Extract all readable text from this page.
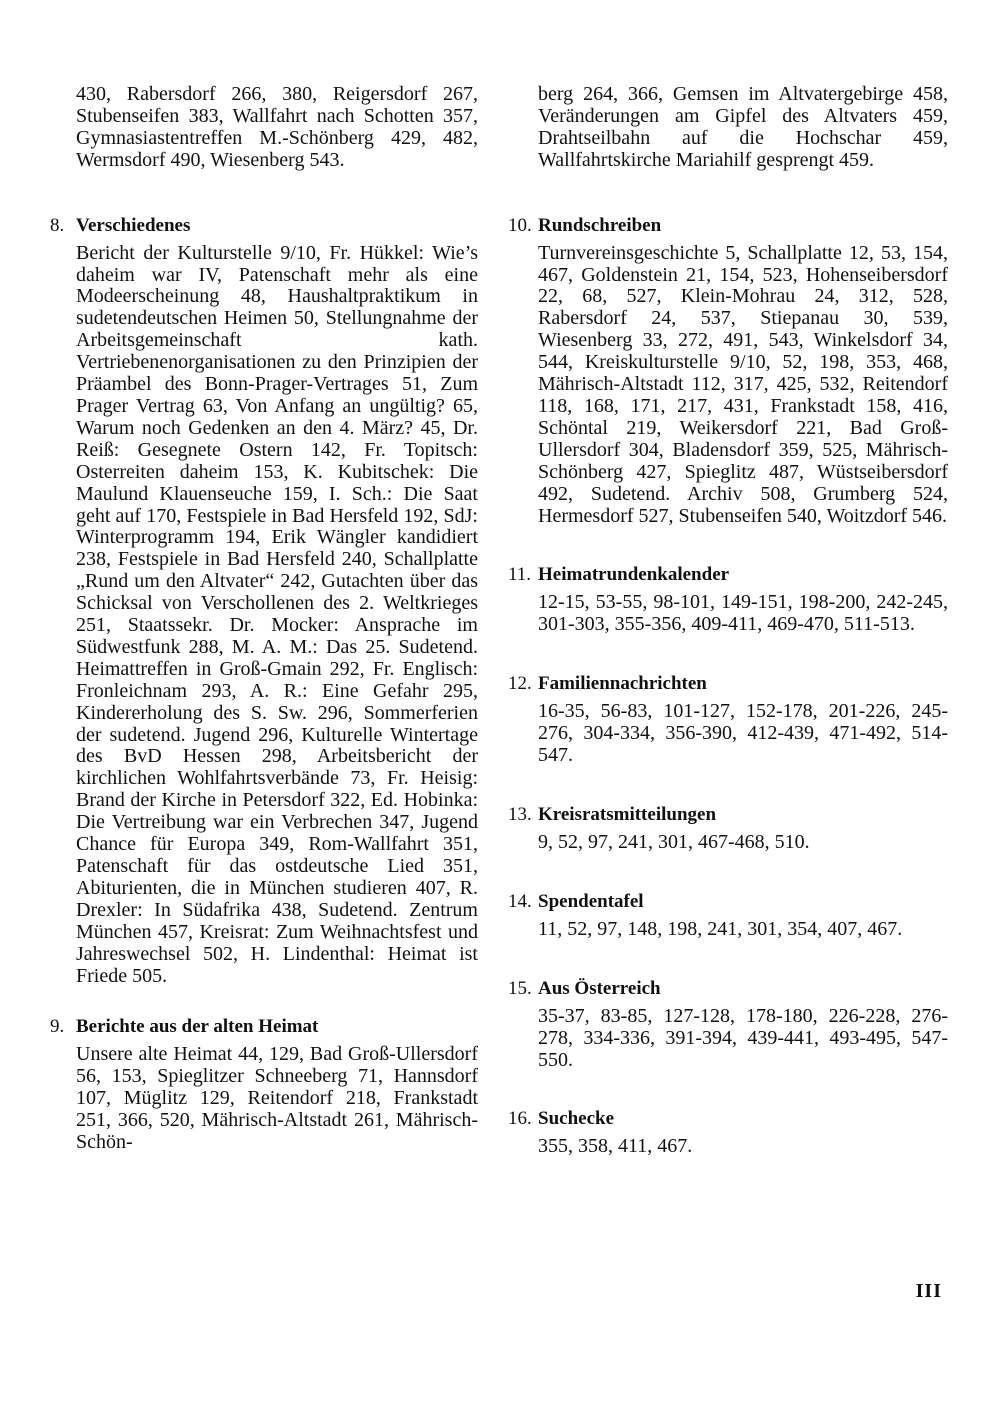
430, Rabersdorf 266, 380, Reigersdorf 267, Stubenseifen 383, Wallfahrt nach Schotten 357, Gymnasiastentreffen M.-Schönberg 429, 482, Wermsdorf 490, Wiesenberg 543.

8. Verschiedenes

Bericht der Kulturstelle 9/10, Fr. Hükkel: Wie’s daheim war IV, Patenschaft mehr als eine Modeerscheinung 48, Haushaltpraktikum in sudetendeutschen Heimen 50, Stellungnahme der Arbeitsgemeinschaft kath. Vertriebenenorganisationen zu den Prinzipien der Präambel des Bonn-Prager-Vertrages 51, Zum Prager Vertrag 63, Von Anfang an ungültig? 65, Warum noch Gedenken an den 4. März? 45, Dr. Reiß: Gesegnete Ostern 142, Fr. Topitsch: Osterreiten daheim 153, K. Kubitschek: Die Maulund Klauenseuche 159, I. Sch.: Die Saat geht auf 170, Festspiele in Bad Hersfeld 192, SdJ: Winterprogramm 194, Erik Wängler kandidiert 238, Festspiele in Bad Hersfeld 240, Schallplatte „Rund um den Altvater“ 242, Gutachten über das Schicksal von Verschollenen des 2. Weltkrieges 251, Staatssekr. Dr. Mocker: Ansprache im Südwestfunk 288, M. A. M.: Das 25. Sudetend. Heimattreffen in Groß-Gmain 292, Fr. Englisch: Fronleichnam 293, A. R.: Eine Gefahr 295, Kindererholung des S. Sw. 296, Sommerferien der sudetend. Jugend 296, Kulturelle Wintertage des BvD Hessen 298, Arbeitsbericht der kirchlichen Wohlfahrtsverbände 73, Fr. Heisig: Brand der Kirche in Petersdorf 322, Ed. Hobinka: Die Vertreibung war ein Verbrechen 347, Jugend Chance für Europa 349, Rom-Wallfahrt 351, Patenschaft für das ostdeutsche Lied 351, Abiturienten, die in München studieren 407, R. Drexler: In Südafrika 438, Sudetend. Zentrum München 457, Kreisrat: Zum Weihnachtsfest und Jahreswechsel 502, H. Lindenthal: Heimat ist Friede 505.

9. Berichte aus der alten Heimat

Unsere alte Heimat 44, 129, Bad Groß-Ullersdorf 56, 153, Spieglitzer Schneeberg 71, Hannsdorf 107, Müglitz 129, Reitendorf 218, Frankstadt 251, 366, 520, Mährisch-Altstadt 261, Mährisch-Schön-

berg 264, 366, Gemsen im Altvatergebirge 458, Veränderungen am Gipfel des Altvaters 459, Drahtseilbahn auf die Hochschar 459, Wallfahrtskirche Mariahilf gesprengt 459.

10. Rundschreiben

Turnvereinsgeschichte 5, Schallplatte 12, 53, 154, 467, Goldenstein 21, 154, 523, Hohenseibersdorf 22, 68, 527, Klein-Mohrau 24, 312, 528, Rabersdorf 24, 537, Stiepanau 30, 539, Wiesenberg 33, 272, 491, 543, Winkelsdorf 34, 544, Kreiskulturstelle 9/10, 52, 198, 353, 468, Mährisch-Altstadt 112, 317, 425, 532, Reitendorf 118, 168, 171, 217, 431, Frankstadt 158, 416, Schöntal 219, Weikersdorf 221, Bad Groß-Ullersdorf 304, Bladensdorf 359, 525, Mährisch-Schönberg 427, Spieglitz 487, Wüstseibersdorf 492, Sudetend. Archiv 508, Grumberg 524, Hermesdorf 527, Stubenseifen 540, Woitzdorf 546.

11. Heimatrundenkalender

12-15, 53-55, 98-101, 149-151, 198-200, 242-245, 301-303, 355-356, 409-411, 469-470, 511-513.

12. Familiennachrichten

16-35, 56-83, 101-127, 152-178, 201-226, 245-276, 304-334, 356-390, 412-439, 471-492, 514-547.

13. Kreisratsmitteilungen

9, 52, 97, 241, 301, 467-468, 510.

14. Spendentafel

11, 52, 97, 148, 198, 241, 301, 354, 407, 467.

15. Aus Österreich

35-37, 83-85, 127-128, 178-180, 226-228, 276-278, 334-336, 391-394, 439-441, 493-495, 547-550.

16. Suchecke

355, 358, 411, 467.

III
